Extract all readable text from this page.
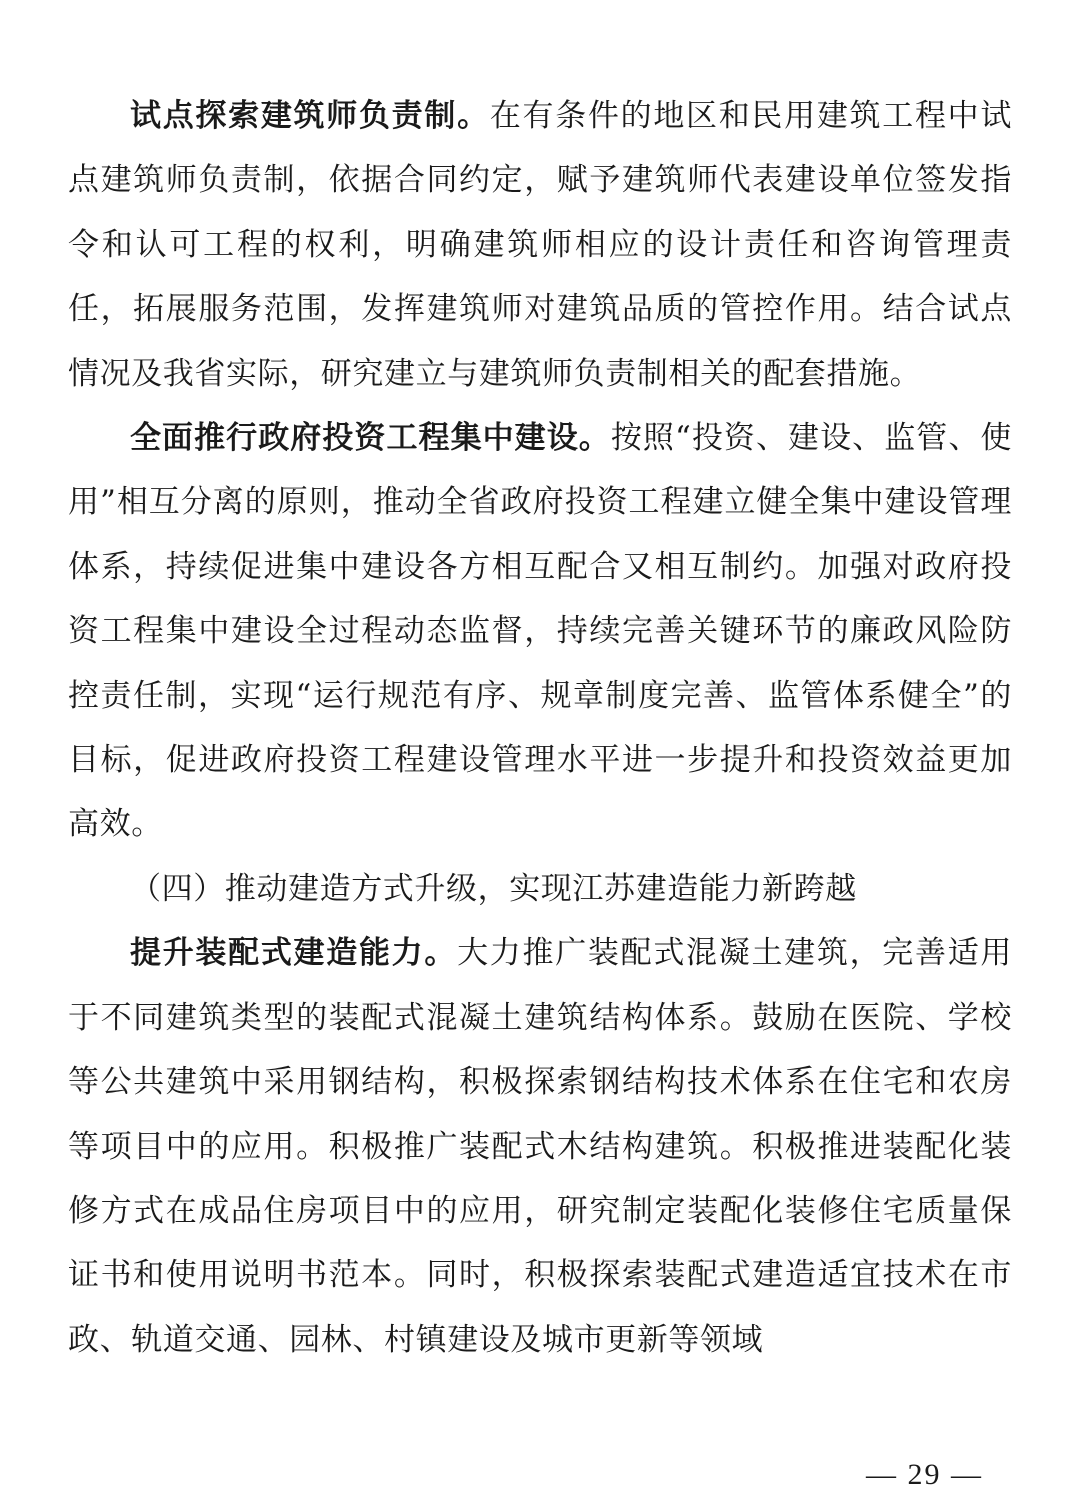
试点探索建筑师负责制。在有条件的地区和民用建筑工程中试点建筑师负责制，依据合同约定，赋予建筑师代表建设单位签发指令和认可工程的权利，明确建筑师相应的设计责任和咨询管理责任，拓展服务范围，发挥建筑师对建筑品质的管控作用。结合试点情况及我省实际，研究建立与建筑师负责制相关的配套措施。

全面推行政府投资工程集中建设。按照“投资、建设、监管、使用”相互分离的原则，推动全省政府投资工程建立健全集中建设管理体系，持续促进集中建设各方相互配合又相互制约。加强对政府投资工程集中建设全过程动态监督，持续完善关键环节的廉政风险防控责任制，实现“运行规范有序、规章制度完善、监管体系健全”的目标，促进政府投资工程建设管理水平进一步提升和投资效益更加高效。

（四）推动建造方式升级，实现江苏建造能力新跨越

提升装配式建造能力。大力推广装配式混凝土建筑，完善适用于不同建筑类型的装配式混凝土建筑结构体系。鼓励在医院、学校等公共建筑中采用钢结构，积极探索钢结构技术体系在住宅和农房等项目中的应用。积极推广装配式木结构建筑。积极推进装配化装修方式在成品住房项目中的应用，研究制定装配化装修住宅质量保证书和使用说明书范本。同时，积极探索装配式建造适宜技术在市政、轨道交通、园林、村镇建设及城市更新等领域

— 29 —
